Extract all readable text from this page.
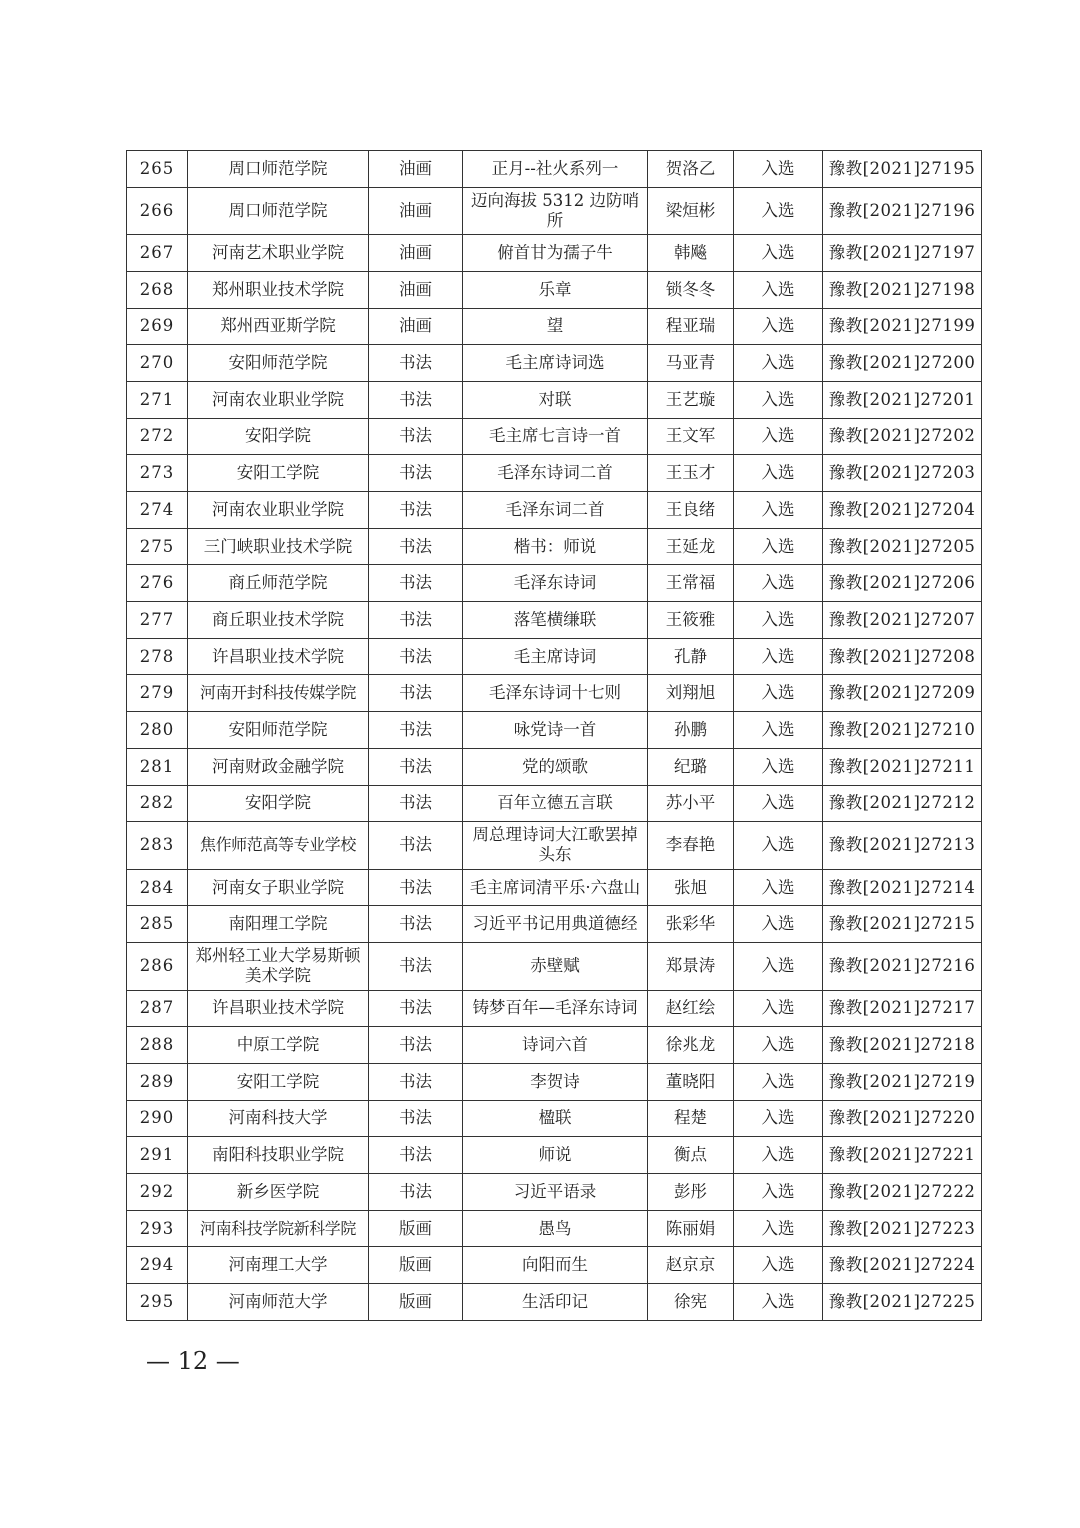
265	周口师范学院	油画	正月--社火系列一	贺洛乙	入选	豫教[2021]27195
266	周口师范学院	油画	迈向海拔 5312 边防哨所	梁烜彬	入选	豫教[2021]27196
267	河南艺术职业学院	油画	俯首甘为孺子牛	韩飚	入选	豫教[2021]27197
268	郑州职业技术学院	油画	乐章	锁冬冬	入选	豫教[2021]27198
269	郑州西亚斯学院	油画	望	程亚瑞	入选	豫教[2021]27199
270	安阳师范学院	书法	毛主席诗词选	马亚青	入选	豫教[2021]27200
271	河南农业职业学院	书法	对联	王艺璇	入选	豫教[2021]27201
272	安阳学院	书法	毛主席七言诗一首	王文军	入选	豫教[2021]27202
273	安阳工学院	书法	毛泽东诗词二首	王玉才	入选	豫教[2021]27203
274	河南农业职业学院	书法	毛泽东词二首	王良绪	入选	豫教[2021]27204
275	三门峡职业技术学院	书法	楷书：师说	王延龙	入选	豫教[2021]27205
276	商丘师范学院	书法	毛泽东诗词	王常福	入选	豫教[2021]27206
277	商丘职业技术学院	书法	落笔横缣联	王筱雅	入选	豫教[2021]27207
278	许昌职业技术学院	书法	毛主席诗词	孔静	入选	豫教[2021]27208
279	河南开封科技传媒学院	书法	毛泽东诗词十七则	刘翔旭	入选	豫教[2021]27209
280	安阳师范学院	书法	咏党诗一首	孙鹏	入选	豫教[2021]27210
281	河南财政金融学院	书法	党的颂歌	纪璐	入选	豫教[2021]27211
282	安阳学院	书法	百年立德五言联	苏小平	入选	豫教[2021]27212
283	焦作师范高等专业学校	书法	周总理诗词大江歌罢掉头东	李春艳	入选	豫教[2021]27213
284	河南女子职业学院	书法	毛主席词清平乐·六盘山	张旭	入选	豫教[2021]27214
285	南阳理工学院	书法	习近平书记用典道德经	张彩华	入选	豫教[2021]27215
286	郑州轻工业大学易斯顿美术学院	书法	赤壁赋	郑景涛	入选	豫教[2021]27216
287	许昌职业技术学院	书法	铸梦百年—毛泽东诗词	赵红绘	入选	豫教[2021]27217
288	中原工学院	书法	诗词六首	徐兆龙	入选	豫教[2021]27218
289	安阳工学院	书法	李贺诗	董晓阳	入选	豫教[2021]27219
290	河南科技大学	书法	楹联	程楚	入选	豫教[2021]27220
291	南阳科技职业学院	书法	师说	衡点	入选	豫教[2021]27221
292	新乡医学院	书法	习近平语录	彭彤	入选	豫教[2021]27222
293	河南科技学院新科学院	版画	愚鸟	陈丽娟	入选	豫教[2021]27223
294	河南理工大学	版画	向阳而生	赵京京	入选	豫教[2021]27224
295	河南师范大学	版画	生活印记	徐宪	入选	豫教[2021]27225
— 12 —
